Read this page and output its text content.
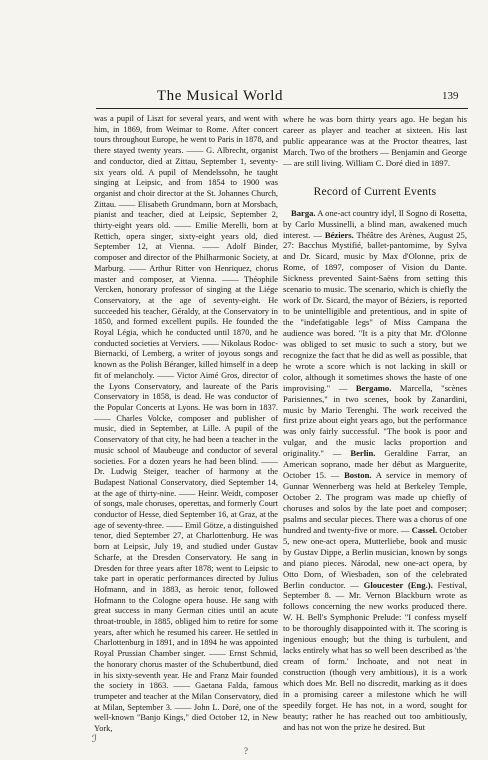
The Musical World	139

was a pupil of Liszt for several years, and went with him, in 1869, from Weimar to Rome. After concert tours throughout Europe, he went to Paris in 1878, and there stayed twenty years. —— G. Albrecht, organist and conductor, died at Zittau, September 1, seventy-six years old. A pupil of Mendelssohn, he taught singing at Leipsic, and from 1854 to 1900 was organist and choir director at the St. Johannes Church, Zittau. —— Elisabeth Grundmann, born at Morsbach, pianist and teacher, died at Leipsic, September 2, thirty-eight years old. —— Emilie Merelli, born at Rettich, opera singer, sixty-eight years old, died September 12, at Vienna. —— Adolf Binder, composer and director of the Philharmonic Society, at Marburg. —— Arthur Ritter von Henriquez, chorus master and composer, at Vienna. —— Théophile Vercken, honorary professor of singing at the Liége Conservatory, at the age of seventy-eight. He succeeded his teacher, Géraldy, at the Conservatory in 1850, and formed excellent pupils. He founded the Royal Légia, which he conducted until 1870, and he conducted societies at Verviers. —— Nikolaus Rodoc-Biernacki, of Lemberg, a writer of joyous songs and known as the Polish Béranger, killed himself in a deep fit of melancholy. —— Victor Aimé Gros, director of the Lyons Conservatory, and laureate of the Paris Conservatory in 1858, is dead. He was conductor of the Popular Concerts at Lyons. He was born in 1837. —— Charles Volcke, composer and publisher of music, died in September, at Lille. A pupil of the Conservatory of that city, he had been a teacher in the music school of Maubeuge and conductor of several societies. For a dozen years he had been blind. —— Dr. Ludwig Steiger, teacher of harmony at the Budapest National Conservatory, died September 14, at the age of thirty-nine. —— Heinr. Weidt, composer of songs, male choruses, operettas, and formerly Court conductor of Hesse, died September 16, at Graz, at the age of seventy-three. —— Emil Götze, a distinguished tenor, died September 27, at Charlottenburg. He was born at Leipsic, July 19, and studied under Gustav Scharfe, at the Dresden Conservatory. He sang in Dresden for three years after 1878; went to Leipsic to take part in operatic performances directed by Julius Hofmann, and in 1883, as heroic tenor, followed Hofmann to the Cologne opera house. He sang with great success in many German cities until an acute throat-trouble, in 1885, obliged him to retire for some years, after which he resumed his career. He settled in Charlottenburg in 1891, and in 1894 he was appointed Royal Prussian Chamber singer. —— Ernst Schmid, the honorary chorus master of the Schubertbund, died in his sixty-seventh year. He and Franz Mair founded the society in 1863. —— Gaetana Falda, famous trumpeter and teacher at the Milan Conservatory, died at Milan, September 3. —— John L. Doré, one of the well-known "Banjo Kings," died October 12, in New York,

where he was born thirty years ago. He began his career as player and teacher at sixteen. His last public appearance was at the Proctor theatres, last March. Two of the brothers — Benjamin and George — are still living. William C. Doré died in 1897.

Record of Current Events

Barga. A one-act country idyl, Il Sogno di Rosetta, by Carlo Mussinelli, a blind man, awakened much interest. — Béziers. Théâtre des Arènes, August 25, 27: Bacchus Mystifié, ballet-pantomime, by Sylva and Dr. Sicard, music by Max d'Olonne, prix de Rome, of 1897, composer of Vision du Dante. Sickness prevented Saint-Saëns from setting this scenario to music. The scenario, which is chiefly the work of Dr. Sicard, the mayor of Béziers, is reported to be unintelligible and pretentious, and in spite of the "indefatigable legs" of Miss Campana the audience was bored. "It is a pity that Mr. d'Olonne was obliged to set music to such a story, but we recognize the fact that he did as well as possible, that he wrote a score which is not lacking in skill or color, although it sometimes shows the haste of one improvising." — Bergamo. Marcella, "scènes Parisiennes," in two scenes, book by Zanardini, music by Mario Terenghi. The work received the first prize about eight years ago, but the performance was only fairly successful. "The book is poor and vulgar, and the music lacks proportion and originality." — Berlin. Geraldine Farrar, an American soprano, made her début as Marguerite, October 15. — Boston. A service in memory of Gunnar Wennerberg was held at Berkeley Temple, October 2. The program was made up chiefly of choruses and solos by the late poet and composer; psalms and secular pieces. There was a chorus of one hundred and twenty-five or more. — Cassel. October 5, new one-act opera, Mutterliebe, book and music by Gustav Dippe, a Berlin musician, known by songs and piano pieces. Národal, new one-act opera, by Otto Dorn, of Wiesbaden, son of the celebrated Berlin conductor. — Gloucester (Eng.). Festival, September 8. — Mr. Vernon Blackburn wrote as follows concerning the new works produced there. W. H. Bell's Symphonic Prelude: "I confess myself to be thoroughly disappointed with it. The scoring is ingenious enough; but the thing is turbulent, and lacks entirely what has so well been described as 'the cream of form.' Inchoate, and not neat in construction (though very ambitious), it is a work which does Mr. Bell no discredit, marking as it does in a promising career a milestone which he will speedily forget. He has not, in a word, sought for beauty; rather he has reached out too ambitiously, and has not won the prize he desired. But

ℐ
?
